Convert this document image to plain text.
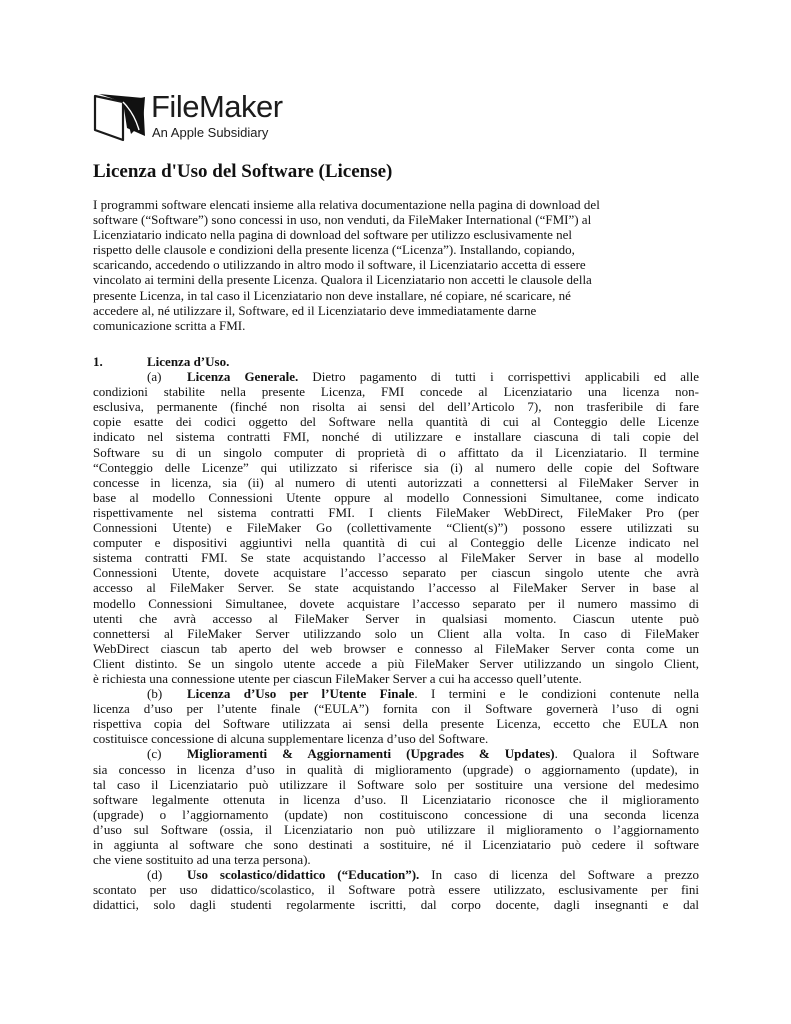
FileMaker
An Apple Subsidiary
Licenza d'Uso del Software (License)
I programmi software elencati insieme alla relativa documentazione nella pagina di download del
software (“Software”) sono concessi in uso, non venduti, da FileMaker International (“FMI”) al
Licenziatario indicato nella pagina di download del software per utilizzo esclusivamente nel
rispetto delle clausole e condizioni della presente licenza (“Licenza”). Installando, copiando,
scaricando, accedendo o utilizzando in altro modo il software, il Licenziatario accetta di essere
vincolato ai termini della presente Licenza. Qualora il Licenziatario non accetti le clausole della
presente Licenza, in tal caso il Licenziatario non deve installare, né copiare, né scaricare, né
accedere al, né utilizzare il, Software, ed il Licenziatario deve immediatamente darne
comunicazione scritta a FMI.
1.	Licenza d’Uso.
(a) Licenza Generale. Dietro pagamento di tutti i corrispettivi applicabili ed alle
condizioni stabilite nella presente Licenza, FMI concede al Licenziatario una licenza non-
esclusiva, permanente (finché non risolta ai sensi del dell’Articolo 7), non trasferibile di fare
copie esatte dei codici oggetto del Software nella quantità di cui al Conteggio delle Licenze
indicato nel sistema contratti FMI, nonché di utilizzare e installare ciascuna di tali copie del
Software su di un singolo computer di proprietà di o affittato da il Licenziatario. Il termine
“Conteggio delle Licenze” qui utilizzato si riferisce sia (i) al numero delle copie del Software
concesse in licenza, sia (ii) al numero di utenti autorizzati a connettersi al FileMaker Server in
base al modello Connessioni Utente oppure al modello Connessioni Simultanee, come indicato
rispettivamente nel sistema contratti FMI. I clients FileMaker WebDirect, FileMaker Pro (per
Connessioni Utente) e FileMaker Go (collettivamente “Client(s)”) possono essere utilizzati su
computer e dispositivi aggiuntivi nella quantità di cui al Conteggio delle Licenze indicato nel
sistema contratti FMI. Se state acquistando l’accesso al FileMaker Server in base al modello
Connessioni Utente, dovete acquistare l’accesso separato per ciascun singolo utente che avrà
accesso al FileMaker Server. Se state acquistando l’accesso al FileMaker Server in base al
modello Connessioni Simultanee, dovete acquistare l’accesso separato per il numero massimo di
utenti che avrà accesso al FileMaker Server in qualsiasi momento. Ciascun utente può
connettersi al FileMaker Server utilizzando solo un Client alla volta. In caso di FileMaker
WebDirect ciascun tab aperto del web browser e connesso al FileMaker Server conta come un
Client distinto. Se un singolo utente accede a più FileMaker Server utilizzando un singolo Client,
è richiesta una connessione utente per ciascun FileMaker Server a cui ha accesso quell’utente.
(b) Licenza d’Uso per l’Utente Finale. I termini e le condizioni contenute nella
licenza d’uso per l’utente finale (“EULA”) fornita con il Software governerà l’uso di ogni
rispettiva copia del Software utilizzata ai sensi della presente Licenza, eccetto che EULA non
costituisce concessione di alcuna supplementare licenza d’uso del Software.
(c) Miglioramenti & Aggiornamenti (Upgrades & Updates). Qualora il Software
sia concesso in licenza d’uso in qualità di miglioramento (upgrade) o aggiornamento (update), in
tal caso il Licenziatario può utilizzare il Software solo per sostituire una versione del medesimo
software legalmente ottenuta in licenza d’uso. Il Licenziatario riconosce che il miglioramento
(upgrade) o l’aggiornamento (update) non costituiscono concessione di una seconda licenza
d’uso sul Software (ossia, il Licenziatario non può utilizzare il miglioramento o l’aggiornamento
in aggiunta al software che sono destinati a sostituire, né il Licenziatario può cedere il software
che viene sostituito ad una terza persona).
(d) Uso scolastico/didattico (“Education”). In caso di licenza del Software a prezzo
scontato per uso didattico/scolastico, il Software potrà essere utilizzato, esclusivamente per fini
didattici, solo dagli studenti regolarmente iscritti, dal corpo docente, dagli insegnanti e dal
